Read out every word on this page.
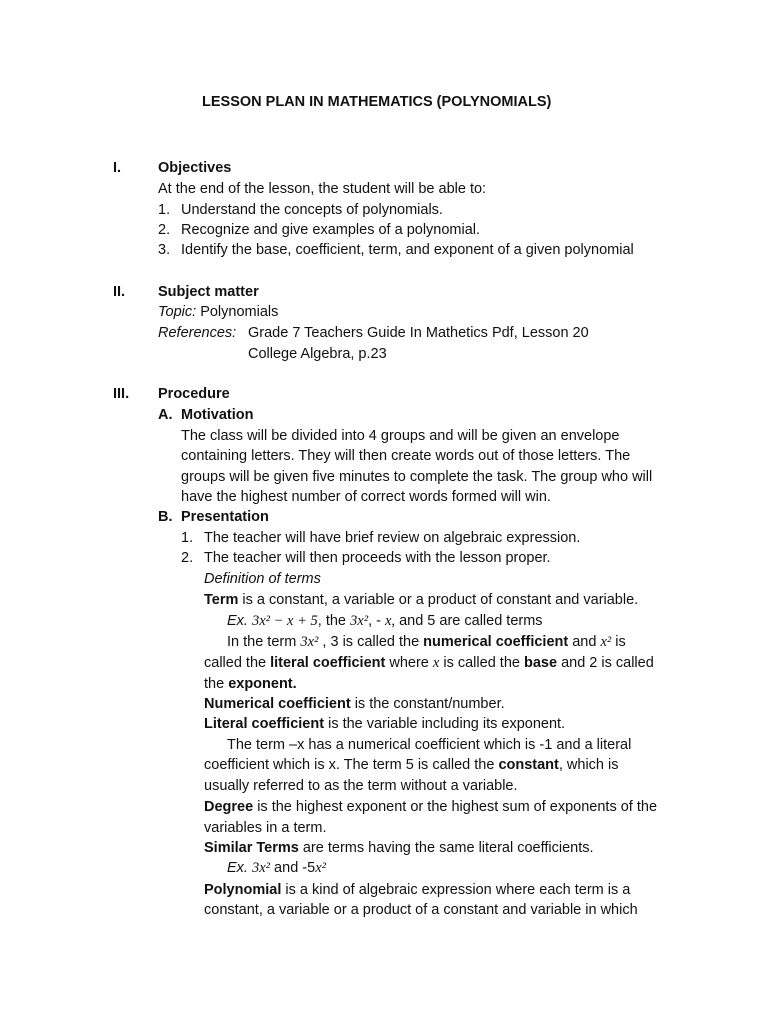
LESSON PLAN IN MATHEMATICS (POLYNOMIALS)
I.	Objectives
At the end of the lesson, the student will be able to:
1. Understand the concepts of polynomials.
2. Recognize and give examples of a polynomial.
3. Identify the base, coefficient, term, and exponent of a given polynomial
II. Subject matter
Topic: Polynomials
References: Grade 7 Teachers Guide In Mathetics Pdf, Lesson 20
College Algebra, p.23
III. Procedure
A. Motivation
The class will be divided into 4 groups and will be given an envelope
containing letters. They will then create words out of those letters. The
groups will be given five minutes to complete the task. The group who will
have the highest number of correct words formed will win.
B. Presentation
1. The teacher will have brief review on algebraic expression.
2. The teacher will then proceeds with the lesson proper.
Definition of terms
Term is a constant, a variable or a product of constant and variable.
Ex. 3x² − x + 5, the 3x², - x, and 5 are called terms
In the term 3x² , 3 is called the numerical coefficient and x² is
called the literal coefficient where x is called the base and 2 is called
the exponent.
Numerical coefficient is the constant/number.
Literal coefficient is the variable including its exponent.
The term –x has a numerical coefficient which is -1 and a literal
coefficient which is x. The term 5 is called the constant, which is
usually referred to as the term without a variable.
Degree is the highest exponent or the highest sum of exponents of the
variables in a term.
Similar Terms are terms having the same literal coefficients.
Ex. 3x² and -5x²
Polynomial is a kind of algebraic expression where each term is a
constant, a variable or a product of a constant and variable in which
